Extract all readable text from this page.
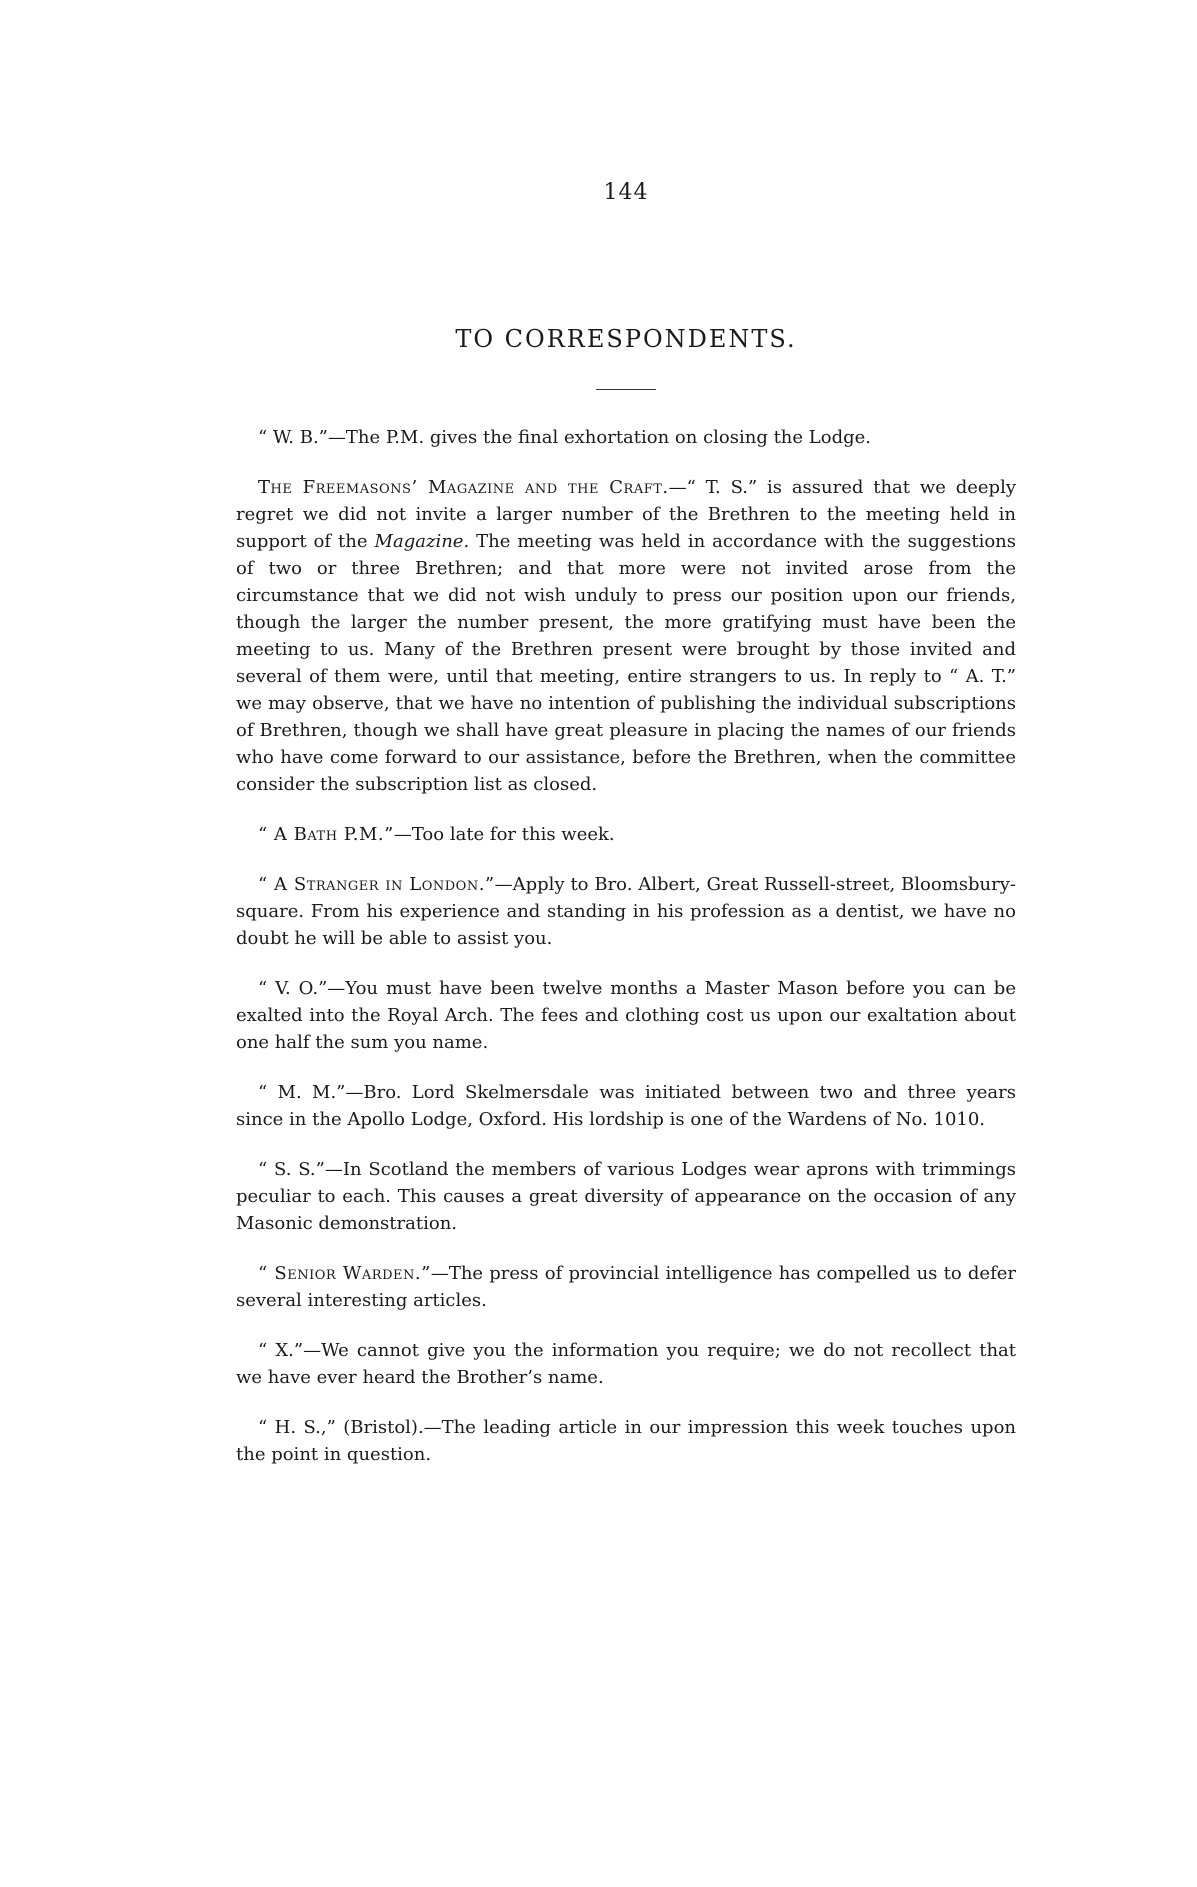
144
TO CORRESPONDENTS.

“ W. B.”—The P.M. gives the final exhortation on closing the Lodge.

The Freemasons’ Magazine and the Craft.—“ T. S.” is assured that we deeply regret we did not invite a larger number of the Brethren to the meeting held in support of the Magazine. The meeting was held in accordance with the suggestions of two or three Brethren; and that more were not invited arose from the circumstance that we did not wish unduly to press our position upon our friends, though the larger the number present, the more gratifying must have been the meeting to us. Many of the Brethren present were brought by those invited and several of them were, until that meeting, entire strangers to us. In reply to “ A. T.” we may observe, that we have no intention of publishing the individual subscriptions of Brethren, though we shall have great pleasure in placing the names of our friends who have come forward to our assistance, before the Brethren, when the committee consider the subscription list as closed.

“ A Bath P.M.”—Too late for this week.

“ A Stranger in London.”—Apply to Bro. Albert, Great Russell-street, Bloomsbury-square. From his experience and standing in his profession as a dentist, we have no doubt he will be able to assist you.

“ V. O.”—You must have been twelve months a Master Mason before you can be exalted into the Royal Arch. The fees and clothing cost us upon our exaltation about one half the sum you name.

“ M. M.”—Bro. Lord Skelmersdale was initiated between two and three years since in the Apollo Lodge, Oxford. His lordship is one of the Wardens of No. 1010.

“ S. S.”—In Scotland the members of various Lodges wear aprons with trimmings peculiar to each. This causes a great diversity of appearance on the occasion of any Masonic demonstration.

“ Senior Warden.”—The press of provincial intelligence has compelled us to defer several interesting articles.

“ X.”—We cannot give you the information you require; we do not recollect that we have ever heard the Brother’s name.

“ H. S.,” (Bristol).—The leading article in our impression this week touches upon the point in question.
